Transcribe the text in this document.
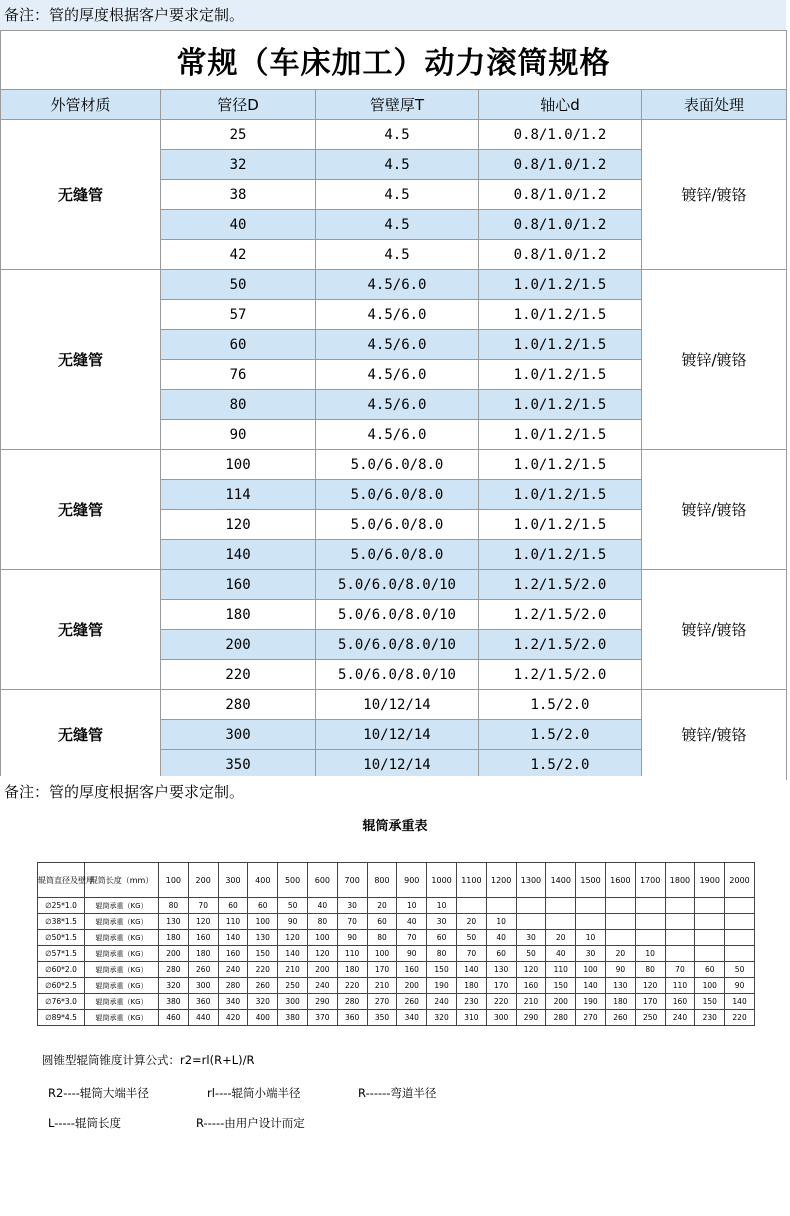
备注：管的厚度根据客户要求定制。
常规（车床加工）动力滚筒规格				
外管材质	管径D	管壁厚T	轴心d	表面处理
无缝管	25	4.5	0.8/1.0/1.2	镀锌/镀铬
	32	4.5	0.8/1.0/1.2	
	38	4.5	0.8/1.0/1.2	
	40	4.5	0.8/1.0/1.2	
	42	4.5	0.8/1.0/1.2	
无缝管	50	4.5/6.0	1.0/1.2/1.5	镀锌/镀铬
	57	4.5/6.0	1.0/1.2/1.5	
	60	4.5/6.0	1.0/1.2/1.5	
	76	4.5/6.0	1.0/1.2/1.5	
	80	4.5/6.0	1.0/1.2/1.5	
	90	4.5/6.0	1.0/1.2/1.5	
无缝管	100	5.0/6.0/8.0	1.0/1.2/1.5	镀锌/镀铬
	114	5.0/6.0/8.0	1.0/1.2/1.5	
	120	5.0/6.0/8.0	1.0/1.2/1.5	
	140	5.0/6.0/8.0	1.0/1.2/1.5	
无缝管	160	5.0/6.0/8.0/10	1.2/1.5/2.0	镀锌/镀铬
	180	5.0/6.0/8.0/10	1.2/1.5/2.0	
	200	5.0/6.0/8.0/10	1.2/1.5/2.0	
	220	5.0/6.0/8.0/10	1.2/1.5/2.0	
无缝管	280	10/12/14	1.5/2.0	镀锌/镀铬
	300	10/12/14	1.5/2.0	
	350	10/12/14	1.5/2.0	
备注：管的厚度根据客户要求定制。
辊筒承重表
辊筒直径及壁厚	辊筒长度（mm）	100	200	300	400	500	600	700	800	900	1000	1100	1200	1300	1400	1500	1600	1700	1800	1900	2000
∅25*1.0	辊筒承重（KG）	80	70	60	60	50	40	30	20	10	10										
∅38*1.5	辊筒承重（KG）	130	120	110	100	90	80	70	60	40	30	20	10								
∅50*1.5	辊筒承重（KG）	180	160	140	130	120	100	90	80	70	60	50	40	30	20	10					
∅57*1.5	辊筒承重（KG）	200	180	160	150	140	120	110	100	90	80	70	60	50	40	30	20	10			
∅60*2.0	辊筒承重（KG）	280	260	240	220	210	200	180	170	160	150	140	130	120	110	100	90	80	70	60	50
∅60*2.5	辊筒承重（KG）	320	300	280	260	250	240	220	210	200	190	180	170	160	150	140	130	120	110	100	90
∅76*3.0	辊筒承重（KG）	380	360	340	320	300	290	280	270	260	240	230	220	210	200	190	180	170	160	150	140
∅89*4.5	辊筒承重（KG）	460	440	420	400	380	370	360	350	340	320	310	300	290	280	270	260	250	240	230	220
圆锥型辊筒锥度计算公式：r2=rl(R+L)/R
R2----辊筒大端半径	rl----辊筒小端半径	R------弯道半径
L-----辊筒长度	R-----由用户设计而定
